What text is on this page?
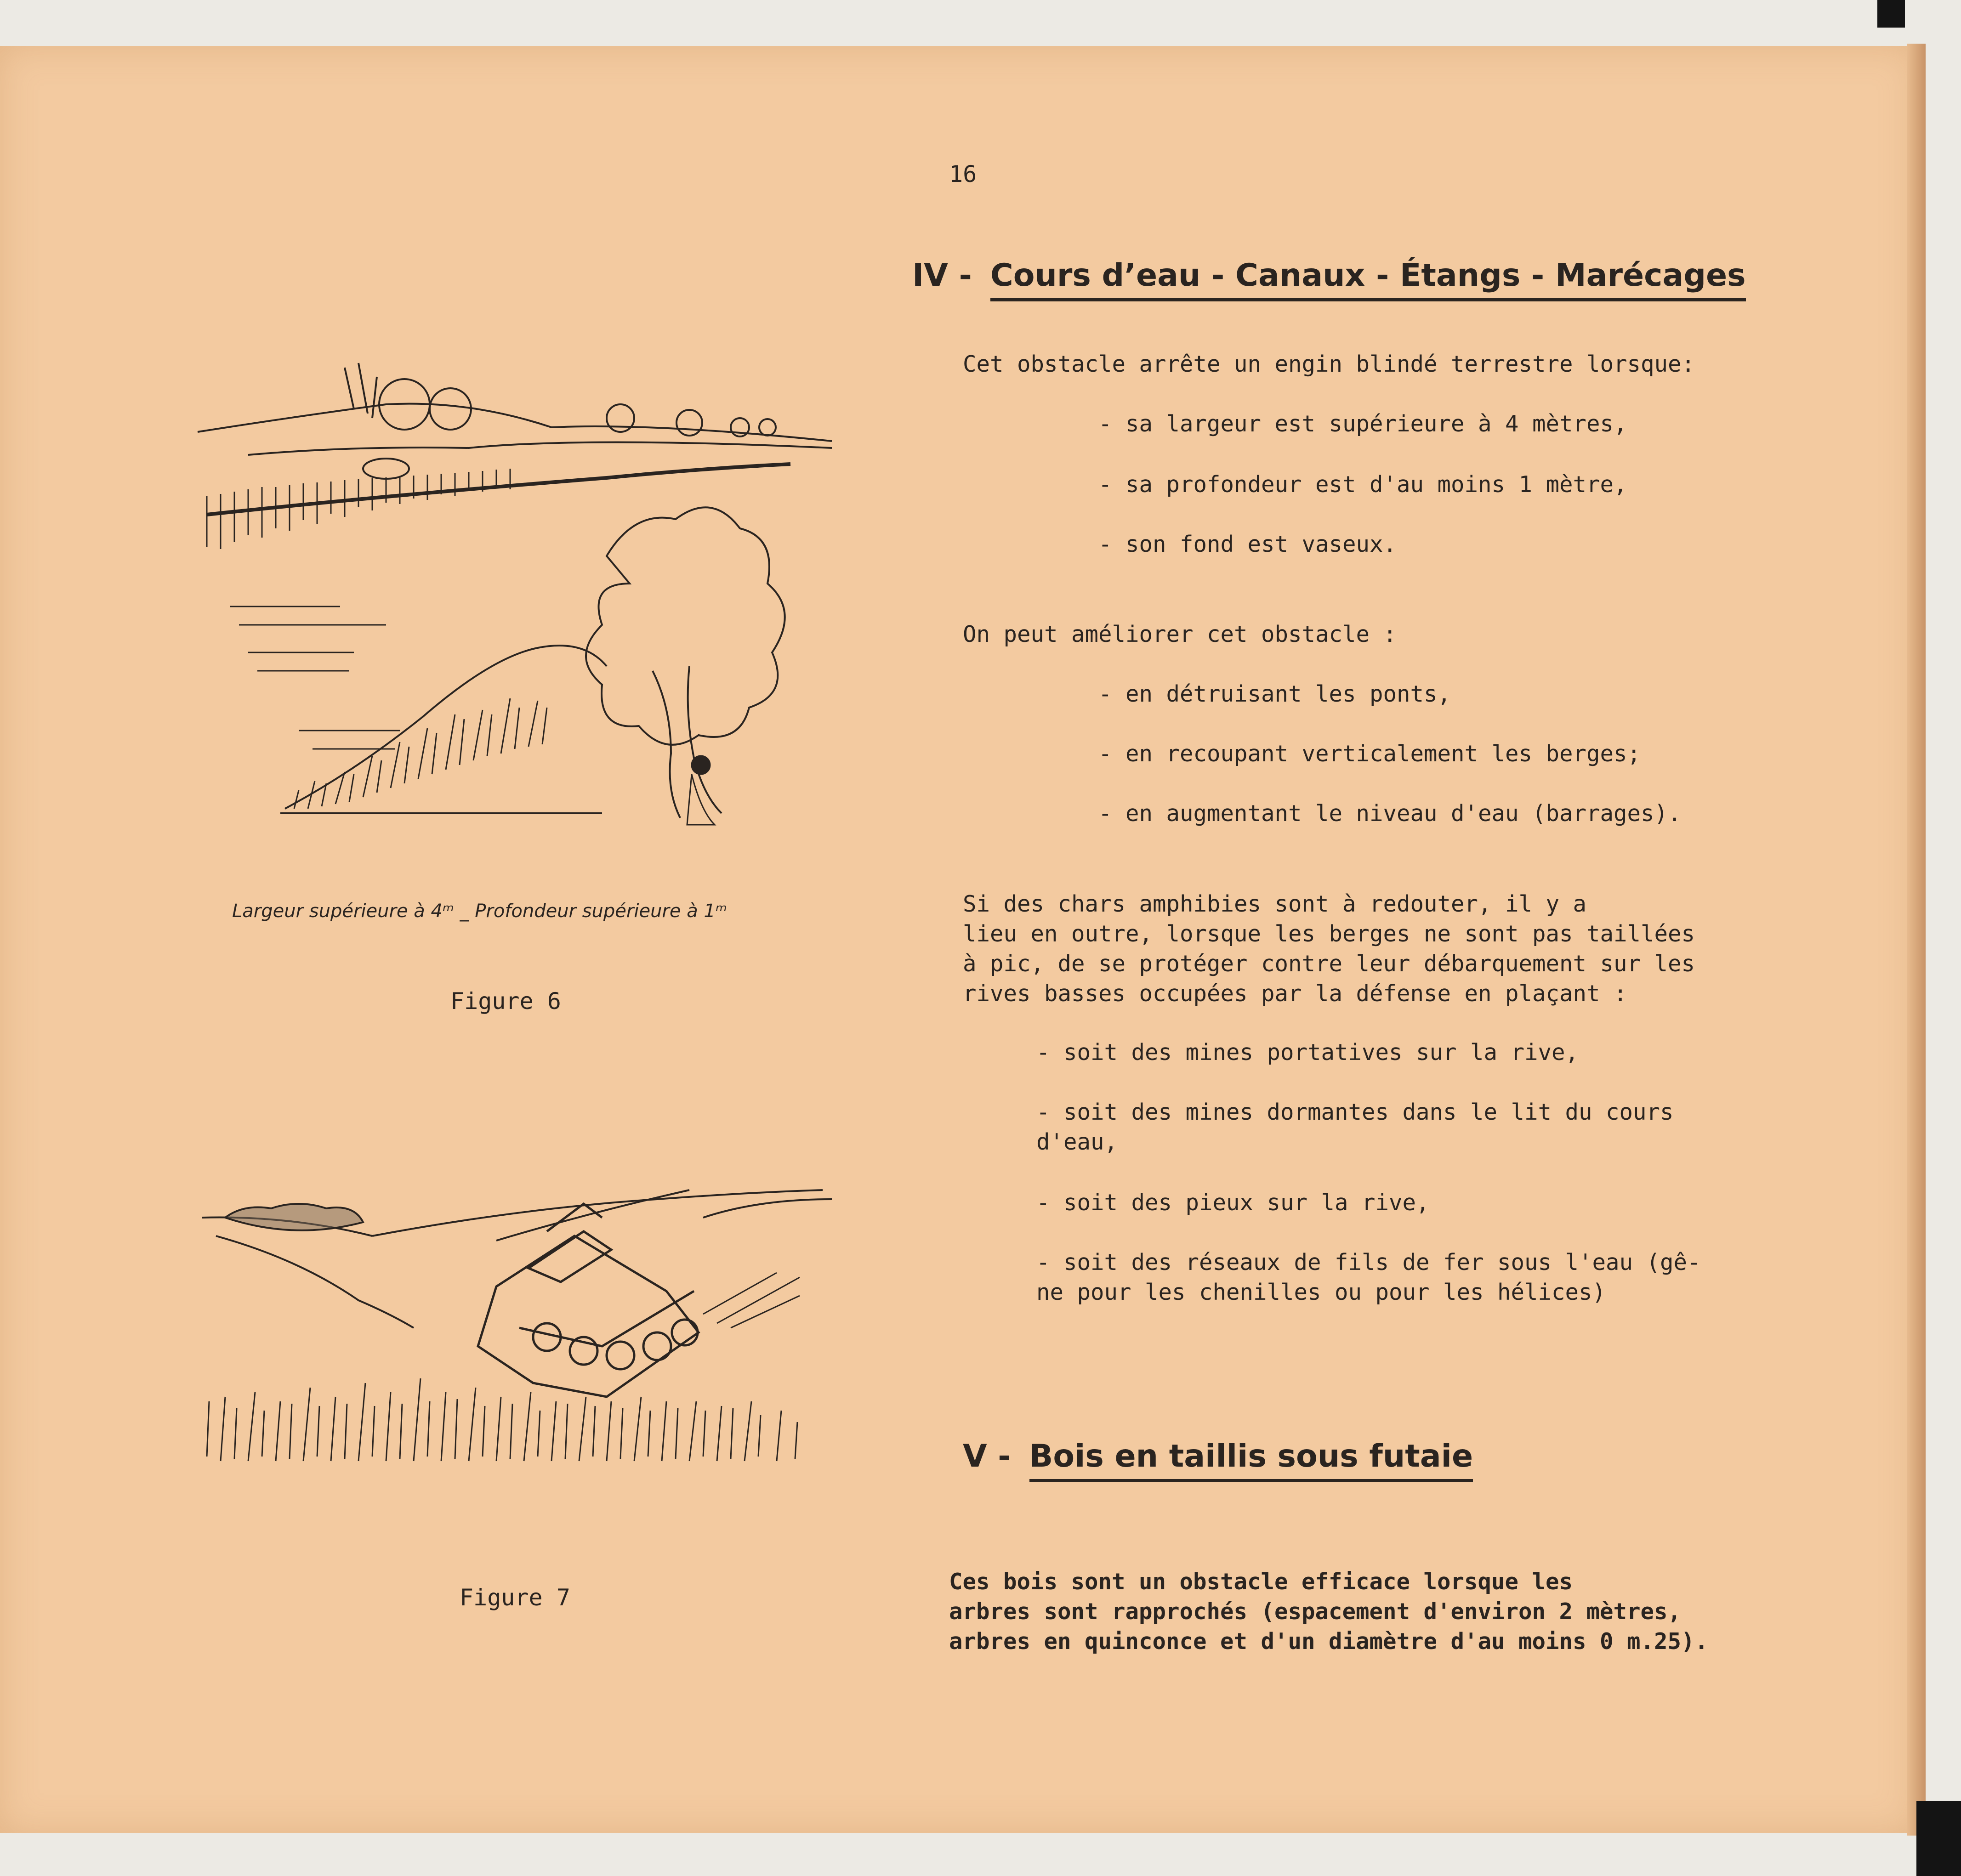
16
IV - Cours d’eau - Canaux - Étangs - Marécages
Cet obstacle arrête un engin blindé terrestre lorsque:
- sa largeur est supérieure à 4 mètres,
- sa profondeur est d'au moins 1 mètre,
- son fond est vaseux.
On peut améliorer cet obstacle :
- en détruisant les ponts,
- en recoupant verticalement les berges;
- en augmentant le niveau d'eau (barrages).
Si des chars amphibies sont à redouter, il y a
lieu en outre, lorsque les berges ne sont pas taillées
à pic, de se protéger contre leur débarquement sur les
rives basses occupées par la défense en plaçant :
- soit des mines portatives sur la rive,
- soit des mines dormantes dans le lit du cours
d'eau,
- soit des pieux sur la rive,
- soit des réseaux de fils de fer sous l'eau (gê-
ne pour les chenilles ou pour les hélices)
V - Bois en taillis sous futaie
Ces bois sont un obstacle efficace lorsque les
arbres sont rapprochés (espacement d'environ 2 mètres,
arbres en quinconce et d'un diamètre d'au moins 0 m.25).
Largeur supérieure à 4ᵐ _ Profondeur supérieure à 1ᵐ
Figure 6
Figure 7
